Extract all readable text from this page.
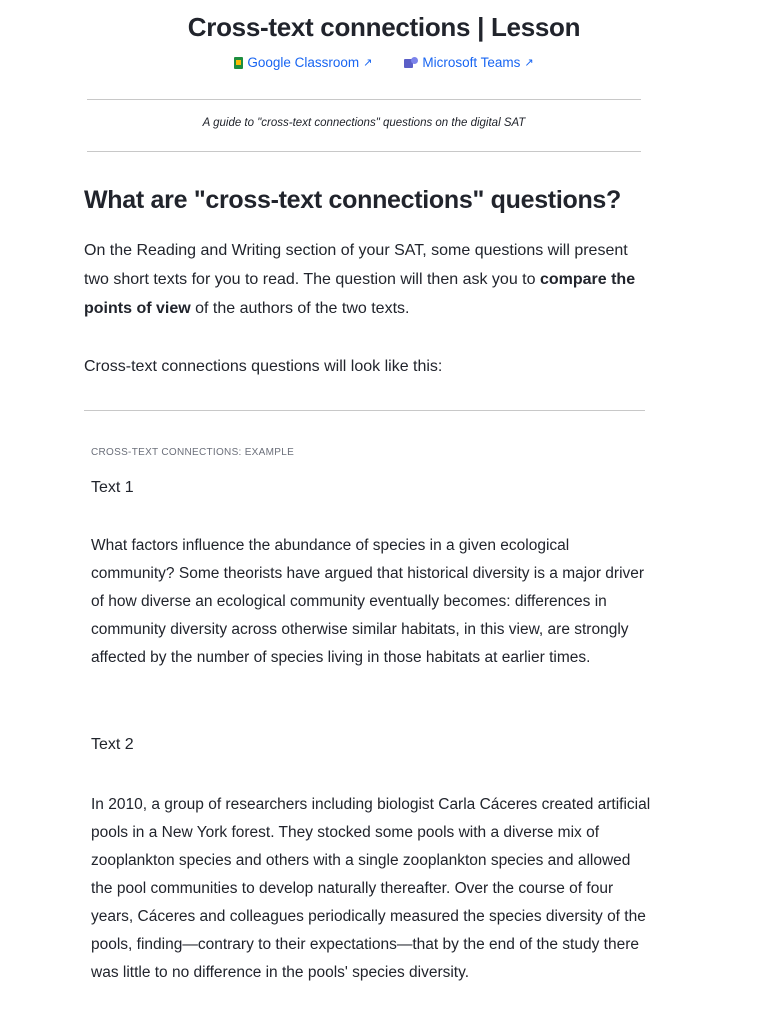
Cross-text connections | Lesson
Google Classroom ↗	Microsoft Teams ↗
A guide to "cross-text connections" questions on the digital SAT
What are "cross-text connections" questions?
On the Reading and Writing section of your SAT, some questions will present two short texts for you to read. The question will then ask you to compare the points of view of the authors of the two texts.
Cross-text connections questions will look like this:
CROSS-TEXT CONNECTIONS: EXAMPLE
Text 1
What factors influence the abundance of species in a given ecological community? Some theorists have argued that historical diversity is a major driver of how diverse an ecological community eventually becomes: differences in community diversity across otherwise similar habitats, in this view, are strongly affected by the number of species living in those habitats at earlier times.
Text 2
In 2010, a group of researchers including biologist Carla Cáceres created artificial pools in a New York forest. They stocked some pools with a diverse mix of zooplankton species and others with a single zooplankton species and allowed the pool communities to develop naturally thereafter. Over the course of four years, Cáceres and colleagues periodically measured the species diversity of the pools, finding—contrary to their expectations—that by the end of the study there was little to no difference in the pools' species diversity.
